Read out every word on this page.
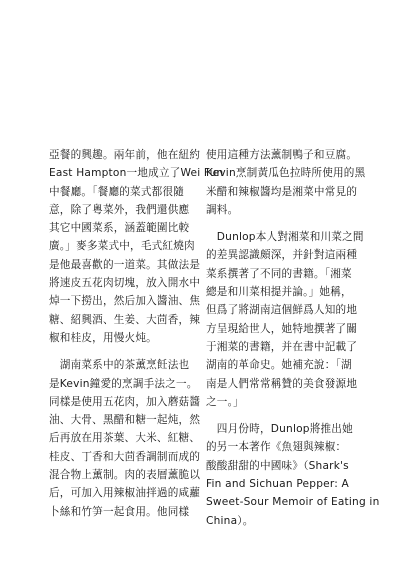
亞餐的興趣。兩年前，他在紐約

East Hampton一地成立了Wei Fun

中餐廳。「餐廳的菜式都很隨

意，除了粵菜外，我們還供應

其它中國菜系，涵蓋範圍比較

廣。」麥多菜式中，毛式紅燒肉

是他最喜歡的一道菜。其做法是

將速皮五花肉切塊，放入開水中

焯一下撈出，然后加入醬油、焦

糖、紹興酒、生姜、大茴香，辣

椒和桂皮，用慢火炖。

　湖南菜系中的茶薰烹飪法也

是Kevin鐘愛的烹調手法之一。

同樣是使用五花肉，加入蘑菇醬

油、大骨、黑醋和糖一起炖，然

后再放在用茶葉、大米、紅糖、

桂皮、丁香和大茴香調制而成的

混合物上薰制。肉的表層薰脆以

后，可加入用辣椒油拌過的咸蘿

卜絲和竹笋一起食用。他同樣

使用這種方法薰制鴨子和豆腐。

Kevin烹制黃瓜色拉時所使用的黑

米醋和辣椒醬均是湘菜中常見的

調料。

　Dunlop本人對湘菜和川菜之間

的差異認識頗深，并針對這兩種

菜系撰著了不同的書籍。「湘菜

總是和川菜相提并論。」她稱，

但爲了將湖南這個鮮爲人知的地

方呈現給世人，她特地撰著了關

于湘菜的書籍，并在書中記載了

湖南的革命史。她補充說：「湖

南是人們常常稱贊的美食發源地

之一。」

　四月份時，Dunlop將推出她

的另一本著作《魚翅與辣椒：

酸酸甜甜的中國味》（Shark's

Fin and Sichuan Pepper: A

Sweet-Sour Memoir of Eating in

China）。
